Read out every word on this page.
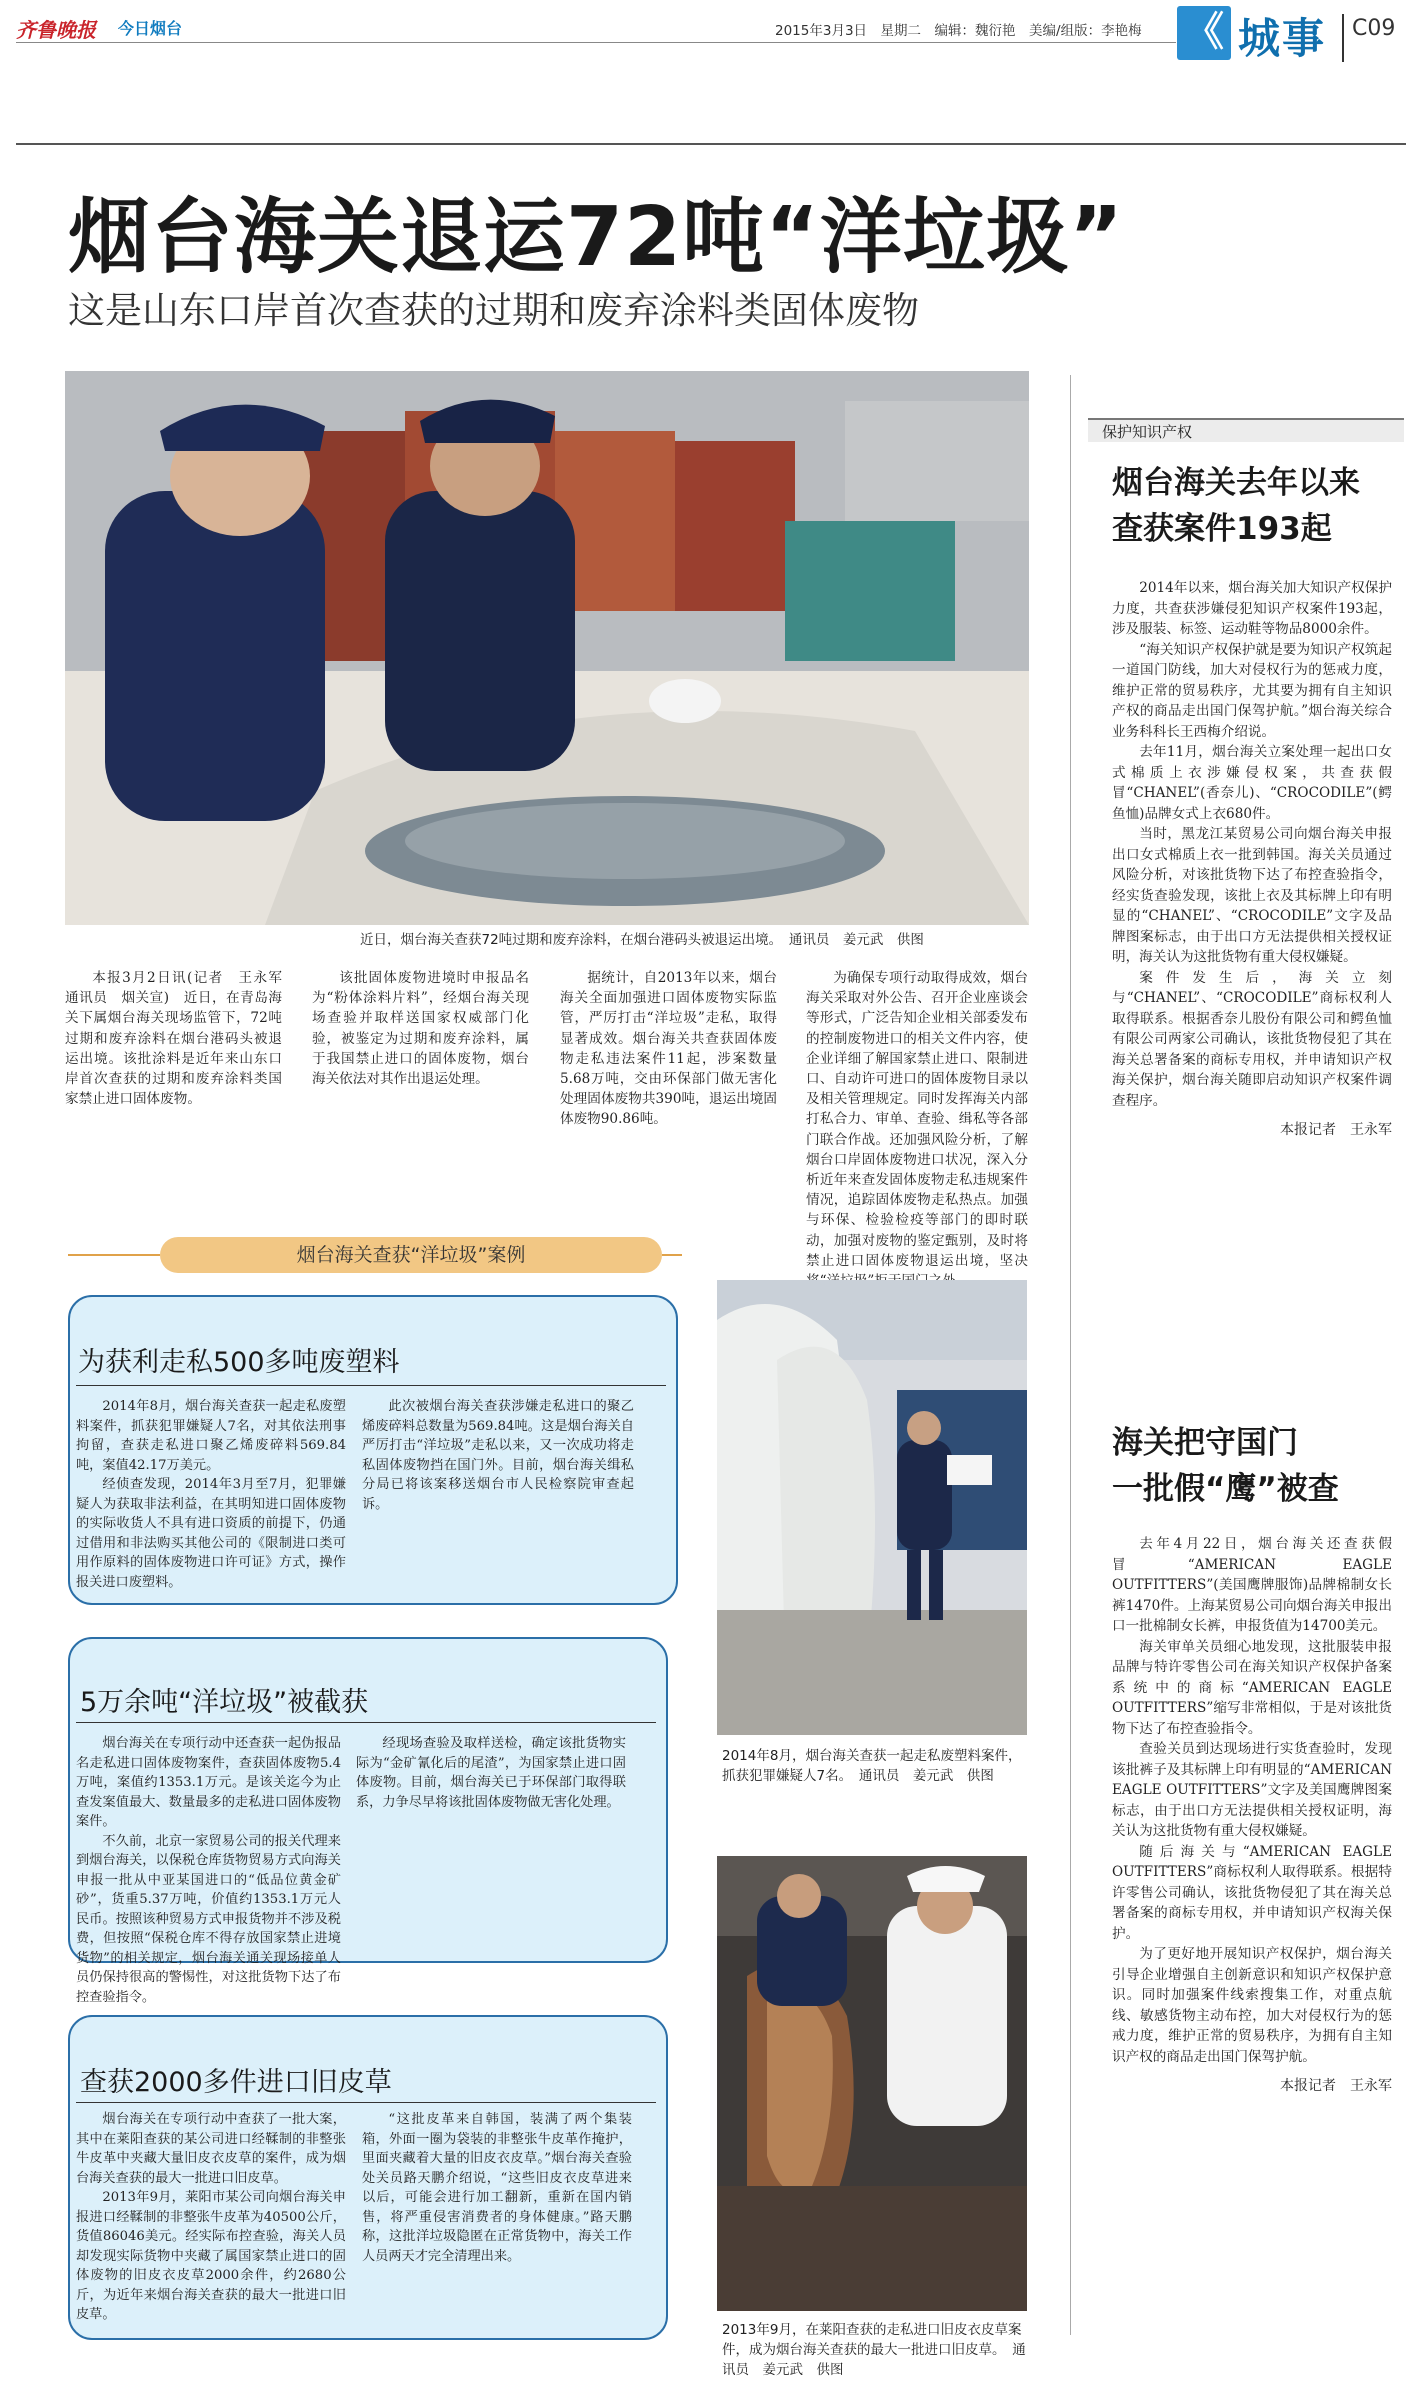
齐鲁晚报 今日烟台	2015年3月3日　星期二　编辑：魏衍艳　美编/组版：李艳梅 《 城事 C09
烟台海关退运72吨“洋垃圾”
这是山东口岸首次查获的过期和废弃涂料类固体废物
近日，烟台海关查获72吨过期和废弃涂料，在烟台港码头被退运出境。　通讯员　姜元武　供图

本报3月2日讯(记者　王永军　通讯员　烟关宣)　近日，在青岛海关下属烟台海关现场监管下，72吨过期和废弃涂料在烟台港码头被退运出境。该批涂料是近年来山东口岸首次查获的过期和废弃涂料类国家禁止进口固体废物。

该批固体废物进境时申报品名为“粉体涂料片料”，经烟台海关现场查验并取样送国家权威部门化验，被鉴定为过期和废弃涂料，属于我国禁止进口的固体废物，烟台海关依法对其作出退运处理。

据统计，自2013年以来，烟台海关全面加强进口固体废物实际监管，严厉打击“洋垃圾”走私，取得显著成效。烟台海关共查获固体废物走私违法案件11起，涉案数量5.68万吨，交由环保部门做无害化处理固体废物共390吨，退运出境固体废物90.86吨。

为确保专项行动取得成效，烟台海关采取对外公告、召开企业座谈会等形式，广泛告知企业相关部委发布的控制废物进口的相关文件内容，使企业详细了解国家禁止进口、限制进口、自动许可进口的固体废物目录以及相关管理规定。同时发挥海关内部打私合力、审单、查验、缉私等各部门联合作战。还加强风险分析，了解烟台口岸固体废物进口状况，深入分析近年来查发固体废物走私违规案件情况，追踪固体废物走私热点。加强与环保、检验检疫等部门的即时联动，加强对废物的鉴定甄别，及时将禁止进口固体废物退运出境，坚决

保护知识产权
烟台海关去年以来
查获案件193起

2014年以来，烟台海关加大知识产权保护力度，共查获涉嫌侵犯知识产权案件193起，涉及服装、标签、运动鞋等物品8000余件。

“海关知识产权保护就是要为知识产权筑起一道国门防线，加大对侵权行为的惩戒力度，维护正常的贸易秩序，尤其要为拥有自主知识产权的商品走出国门保驾护航。”烟台海关综合业务科科长王西梅介绍说。

去年11月，烟台海关立案处理一起出口女式棉质上衣涉嫌侵权案，共查获假冒“CHANEL”(香奈儿)、“CROCODILE”(鳄鱼恤)品牌女式上衣680件。

当时，黑龙江某贸易公司向烟台海关申报出口女式棉质上衣一批到韩国。海关关员通过风险分析，对该批货物下达了布控查验指令，经实货查验发现，该批上衣及其标牌上印有明显的“CHANEL”、“CROCODILE”文字及品牌图案标志，由于出口方无法提供相关授权证明，海关认为这批货物有重大侵权嫌疑。

案件发生后，海关立刻与“CHANEL”、“CROCODILE”商标权利人取得联系。根据香奈儿股份有限公司和鳄鱼恤有限公司两家公司确认，该批货物侵犯了其在海关总署备案的商标专用权，并申请知识产权海关保护，烟台海关随即启动知识产权案件调查程序。

本报记者　王永军
海关把守国门
一批假“鹰”被查

去年4月22日，烟台海关还查获假冒“AMERICAN EAGLE OUTFITTERS”(美国鹰牌服饰)品牌棉制女长裤1470件。上海某贸易公司向烟台海关申报出口一批棉制女长裤，申报货值为14700美元。

海关审单关员细心地发现，这批服装申报品牌与特许零售公司在海关知识产权保护备案系统中的商标“AMERICAN EAGLE OUTFITTERS”缩写非常相似，于是对该批货物下达了布控查验指令。

查验关员到达现场进行实货查验时，发现该批裤子及其标牌上印有明显的“AMERICAN EAGLE OUTFITTERS”文字及美国鹰牌图案标志，由于出口方无法提供相关授权证明，海关认为这批货物有重大侵权嫌疑。

随后海关与“AMERICAN EAGLE OUTFITTERS”商标权利人取得联系。根据特许零售公司确认，该批货物侵犯了其在海关总署备案的商标专用权，并申请知识产权海关保护。

为了更好地开展知识产权保护，烟台海关引导企业增强自主创新意识和知识产权保护意识。同时加强案件线索搜集工作，对重点航线、敏感货物主动布控，加大对侵权行为的惩戒力度，维护正常的贸易秩序，为拥有自主知识产权的商品走出国门保驾护航。

本报记者　王永军
烟台海关查获“洋垃圾”案例
为获利走私500多吨废塑料

2014年8月，烟台海关查获一起走私废塑料案件，抓获犯罪嫌疑人7名，对其依法刑事拘留，查获走私进口聚乙烯废碎料569.84吨，案值42.17万美元。

经侦查发现，2014年3月至7月，犯罪嫌疑人为获取非法利益，在其明知进口固体废物的实际收货人不具有进口资质的前提下，仍通过借用和非法购买其他公司的《限制进口类可用作原料的固体废物进口许可证》方式，操作报关进口废塑料。

此次被烟台海关查获涉嫌走私进口的聚乙烯废碎料总数量为569.84吨。这是烟台海关自严厉打击“洋垃圾”走私以来，又一次成功将走私固体废物挡在国门外。目前，烟台海关缉私分局已将该案移送烟台市人民检察院审查起诉。

5万余吨“洋垃圾”被截获

烟台海关在专项行动中还查获一起伪报品名走私进口固体废物案件，查获固体废物5.4万吨，案值约1353.1万元。是该关迄今为止查发案值最大、数量最多的走私进口固体废物案件。

不久前，北京一家贸易公司的报关代理来到烟台海关，以保税仓库货物贸易方式向海关申报一批从中亚某国进口的“低品位黄金矿砂”，货重5.37万吨，价值约1353.1万元人民币。按照该种贸易方式申报货物并不涉及税费，但按照“保税仓库不得存放国家禁止进境货物”的相关规定，烟台海关通关现场接单人员仍保持很高的警惕性，对这批货物下达了布控查验指令。

经现场查验及取样送检，确定该批货物实际为“金矿氰化后的尾渣”，为国家禁止进口固体废物。目前，烟台海关已于环保部门取得联系，力争尽早将该批固体废物做无害化处理。

查获2000多件进口旧皮草

烟台海关在专项行动中查获了一批大案，其中在莱阳查获的某公司进口经鞣制的非整张牛皮革中夹藏大量旧皮衣皮草的案件，成为烟台海关查获的最大一批进口旧皮草。

2013年9月，莱阳市某公司向烟台海关申报进口经鞣制的非整张牛皮革为40500公斤，货值86046美元。经实际布控查验，海关人员却发现实际货物中夹藏了属国家禁止进口的固体废物的旧皮衣皮草2000余件，约2680公斤，为近年来烟台海关查获的最大一批进口旧皮草。

“这批皮革来自韩国，装满了两个集装箱，外面一圈为袋装的非整张牛皮革作掩护，里面夹藏着大量的旧皮衣皮草。”烟台海关查验处关员路天鹏介绍说，“这些旧皮衣皮草进来以后，可能会进行加工翻新，重新在国内销售，将严重侵害消费者的身体健康。”路天鹏称，这批洋垃圾隐匿在正常货物中，海关工作人员两天才完全清理出来。

2014年8月，烟台海关查获一起走私废塑料案件，抓获犯罪嫌疑人7名。　通讯员　姜元武　供图
2013年9月，在莱阳查获的走私进口旧皮衣皮草案件，成为烟台海关查获的最大一批进口旧皮草。　通讯员　姜元武　供图
